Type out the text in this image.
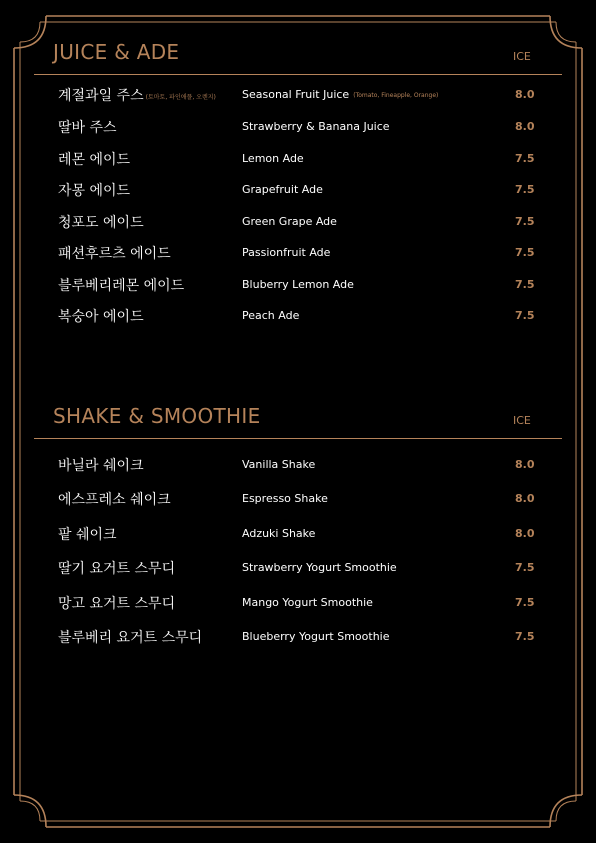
JUICE & ADE	ICE
계절과일 주스 (토마토, 파인애플, 오렌지) Seasonal Fruit Juice (Tomato, Fineapple, Orange)	8.0
딸바 주스	Strawberry & Banana Juice	8.0
레몬 에이드	Lemon Ade	7.5
자몽 에이드	Grapefruit Ade	7.5
청포도 에이드	Green Grape Ade	7.5
패션후르츠 에이드	Passionfruit Ade	7.5
블루베리레몬 에이드	Bluberry Lemon Ade	7.5
복숭아 에이드	Peach Ade	7.5
SHAKE & SMOOTHIE	ICE
바닐라 쉐이크	Vanilla Shake	8.0
에스프레소 쉐이크	Espresso Shake	8.0
팥 쉐이크	Adzuki Shake	8.0
딸기 요거트 스무디	Strawberry Yogurt Smoothie	7.5
망고 요거트 스무디	Mango Yogurt Smoothie	7.5
블루베리 요거트 스무디	Blueberry Yogurt Smoothie	7.5
